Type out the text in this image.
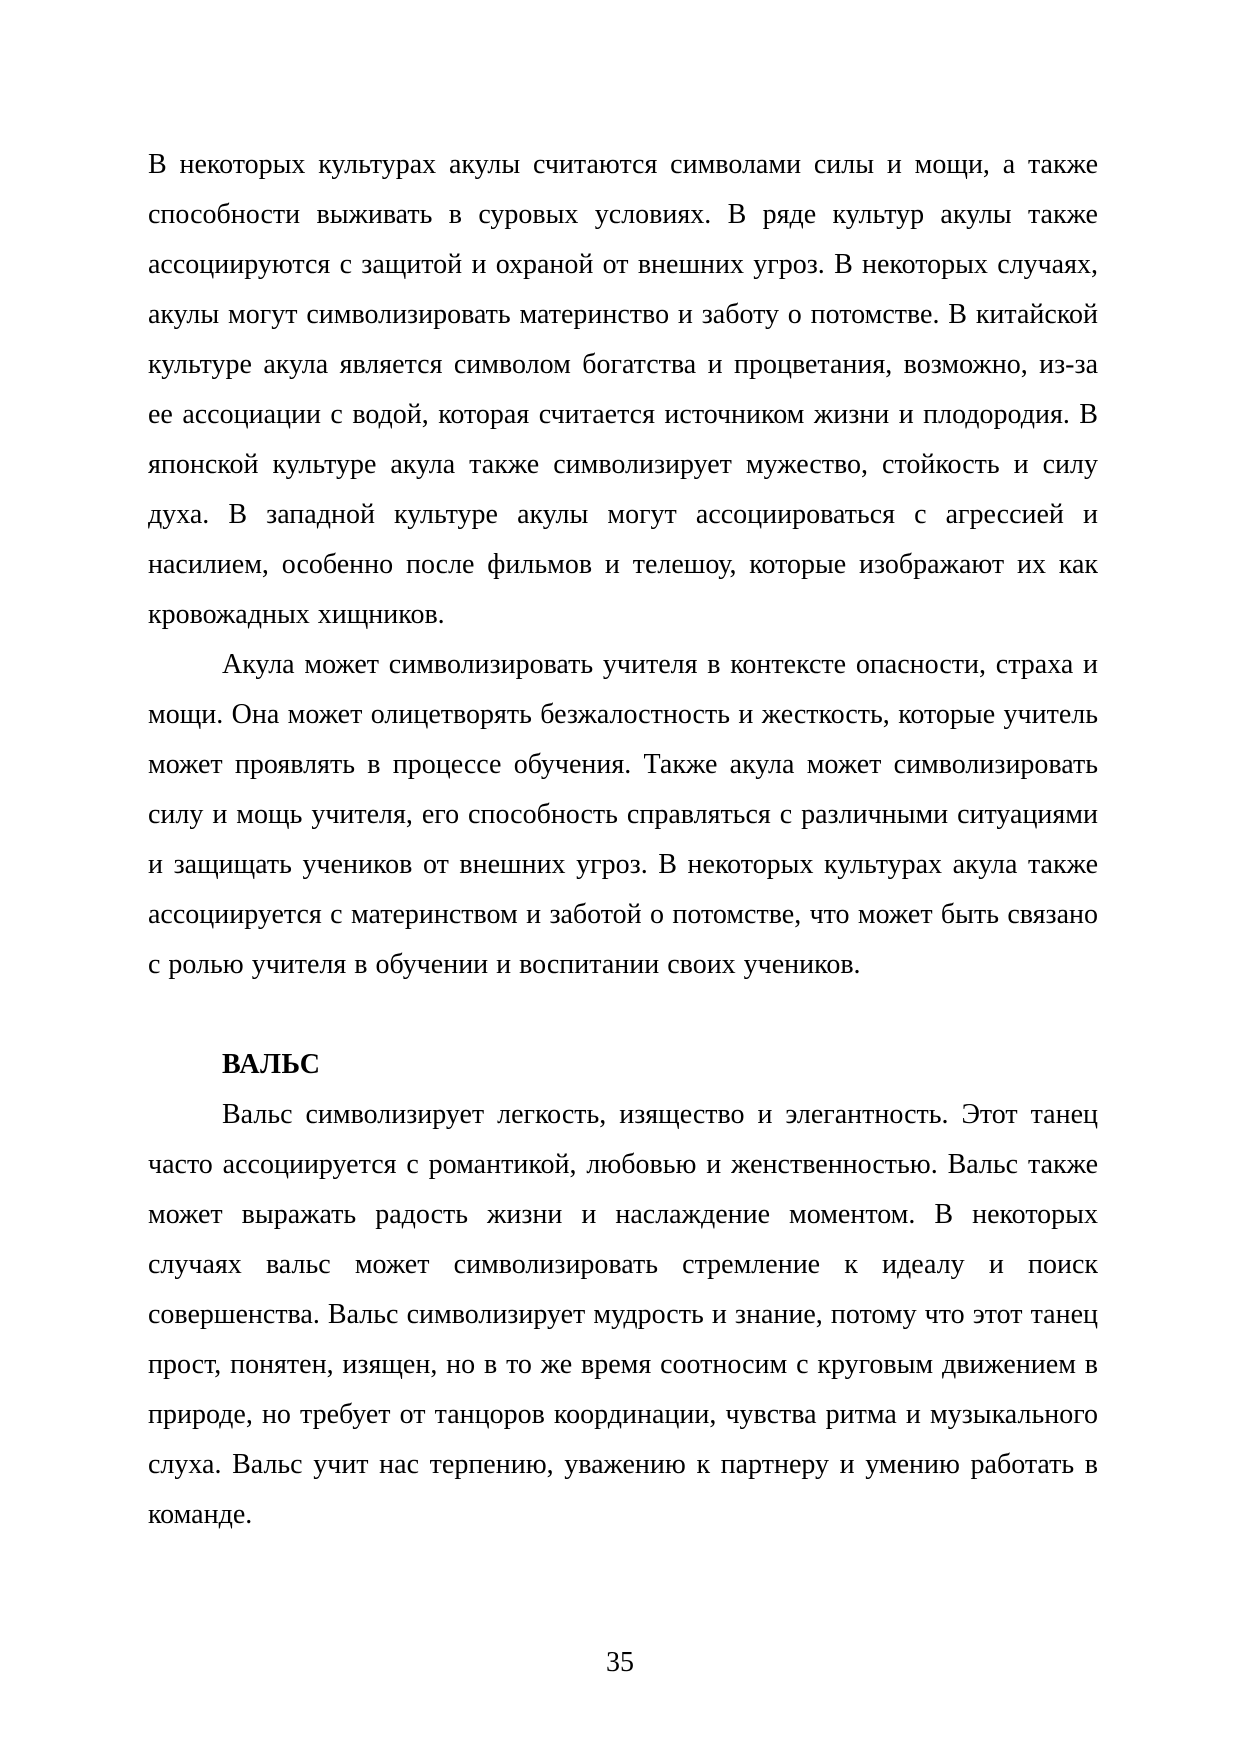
В некоторых культурах акулы считаются символами силы и мощи, а также способности выживать в суровых условиях. В ряде культур акулы также ассоциируются с защитой и охраной от внешних угроз. В некоторых случаях, акулы могут символизировать материнство и заботу о потомстве. В китайской культуре акула является символом богатства и процветания, возможно, из-за ее ассоциации с водой, которая считается источником жизни и плодородия. В японской культуре акула также символизирует мужество, стойкость и силу духа. В западной культуре акулы могут ассоциироваться с агрессией и насилием, особенно после фильмов и телешоу, которые изображают их как кровожадных хищников.

Акула может символизировать учителя в контексте опасности, страха и мощи. Она может олицетворять безжалостность и жесткость, которые учитель может проявлять в процессе обучения. Также акула может символизировать силу и мощь учителя, его способность справляться с различными ситуациями и защищать учеников от внешних угроз. В некоторых культурах акула также ассоциируется с материнством и заботой о потомстве, что может быть связано с ролью учителя в обучении и воспитании своих учеников.

ВАЛЬС

Вальс символизирует легкость, изящество и элегантность. Этот танец часто ассоциируется с романтикой, любовью и женственностью. Вальс также может выражать радость жизни и наслаждение моментом. В некоторых случаях вальс может символизировать стремление к идеалу и поиск совершенства. Вальс символизирует мудрость и знание, потому что этот танец прост, понятен, изящен, но в то же время соотносим с круговым движением в природе, но требует от танцоров координации, чувства ритма и музыкального слуха. Вальс учит нас терпению, уважению к партнеру и умению работать в команде.

35
